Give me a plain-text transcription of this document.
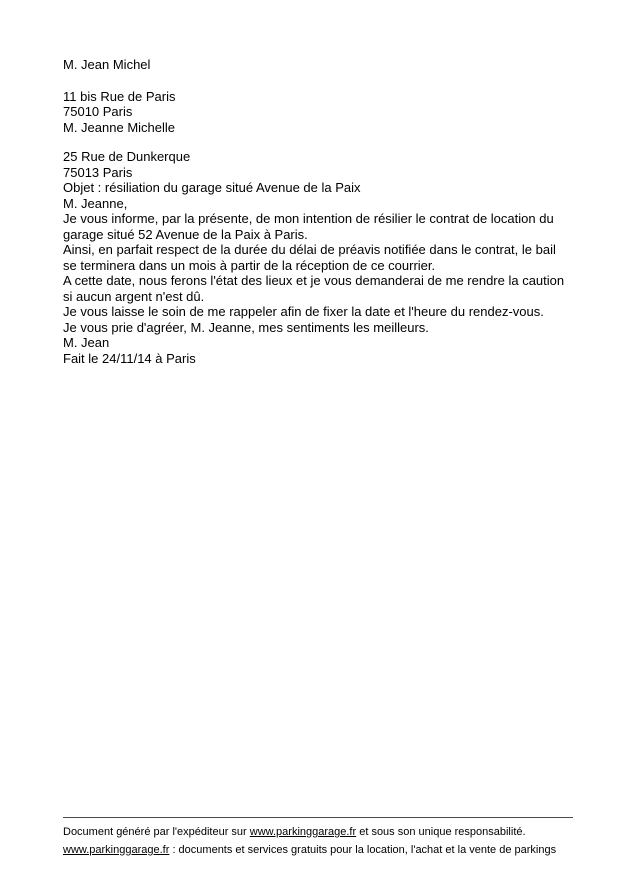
M. Jean Michel
11 bis Rue de Paris
75010 Paris
M. Jeanne Michelle
25 Rue de Dunkerque
75013 Paris

Objet : résiliation du garage situé Avenue de la Paix

M. Jeanne,

Je vous informe, par la présente, de mon intention de résilier le contrat de location du garage situé 52 Avenue de la Paix à Paris.

Ainsi, en parfait respect de la durée du délai de préavis notifiée dans le contrat, le bail se terminera dans un mois à partir de la réception de ce courrier.

A cette date, nous ferons l'état des lieux et je vous demanderai de me rendre la caution si aucun argent n'est dû.

Je vous laisse le soin de me rappeler afin de fixer la date et l'heure du rendez-vous.

Je vous prie d'agréer, M. Jeanne, mes sentiments les meilleurs.

M. Jean

Fait le 24/11/14 à Paris

Document généré par l'expéditeur sur www.parkinggarage.fr et sous son unique responsabilité.
www.parkinggarage.fr : documents et services gratuits pour la location, l'achat et la vente de parkings
